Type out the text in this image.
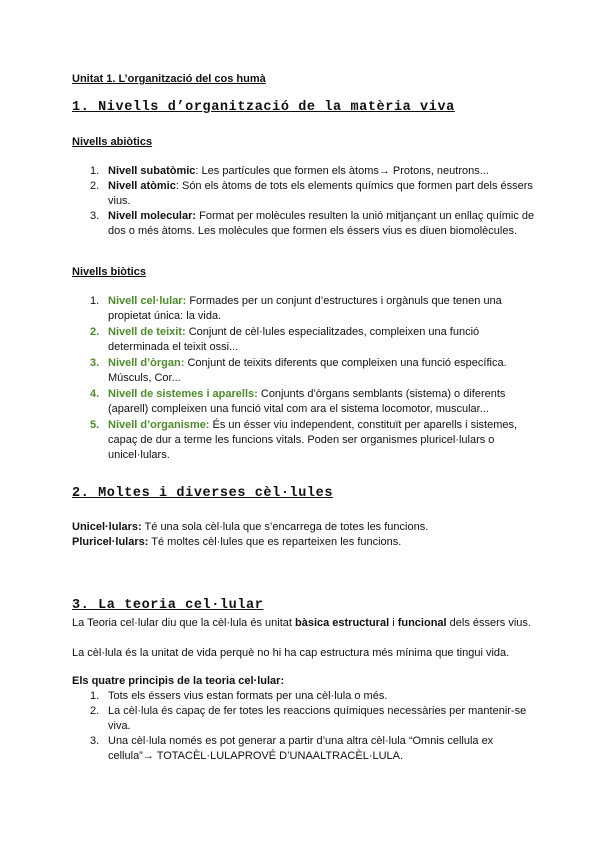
Unitat 1. L’organització del cos humà
1. Nivells d’organització de la matèria viva
Nivells abiòtics
1. Nivell subatòmic: Les partícules que formen els àtoms→ Protons, neutrons...
2. Nivell atòmic: Són els àtoms de tots els elements químics que formen part dels éssers vius.
3. Nivell molecular: Format per molècules resulten la unió mitjançant un enllaç químic de dos o més àtoms. Les molècules que formen els éssers vius es diuen biomolècules.
Nivells biòtics
1. Nivell cel·lular: Formades per un conjunt d’estructures i orgànuls que tenen una propietat única: la vida.
2. Nivell de teixit: Conjunt de cèl·lules especialitzades, compleixen una funció determinada el teixit ossi...
3. Nivell d’òrgan: Conjunt de teixits diferents que compleixen una funció específica. Músculs, Cor...
4. Nivell de sistemes i aparells: Conjunts d’òrgans semblants (sistema) o diferents (aparell) compleixen una funció vital com ara el sistema locomotor, muscular...
5. Nivell d’organisme: És un ésser viu independent, constituït per aparells i sistemes, capaç de dur a terme les funcions vitals. Poden ser organismes pluricel·lulars o unicel·lulars.
2. Moltes i diverses cèl·lules
Unicel·lulars: Té una sola cèl·lula que s’encarrega de totes les funcions.
Pluricel·lulars: Té moltes cèl·lules que es reparteixen les funcions.
3. La teoria cel·lular
La Teoria cel·lular diu que la cèl·lula és unitat bàsica estructural i funcional dels éssers vius.
La cèl·lula és la unitat de vida perquè no hi ha cap estructura més mínima que tingui vida.
Els quatre principis de la teoria cel·lular:
1. Tots els éssers vius estan formats per una cèl·lula o més.
2. La cèl·lula és capaç de fer totes les reaccions químiques necessàries per mantenir-se viva.
3. Una cèl·lula només es pot generar a partir d’una altra cèl·lula “Omnis cellula ex cellula”→ TOTACÈL·LULAPROVÉ D’UNAALTRACÈL·LULA.
